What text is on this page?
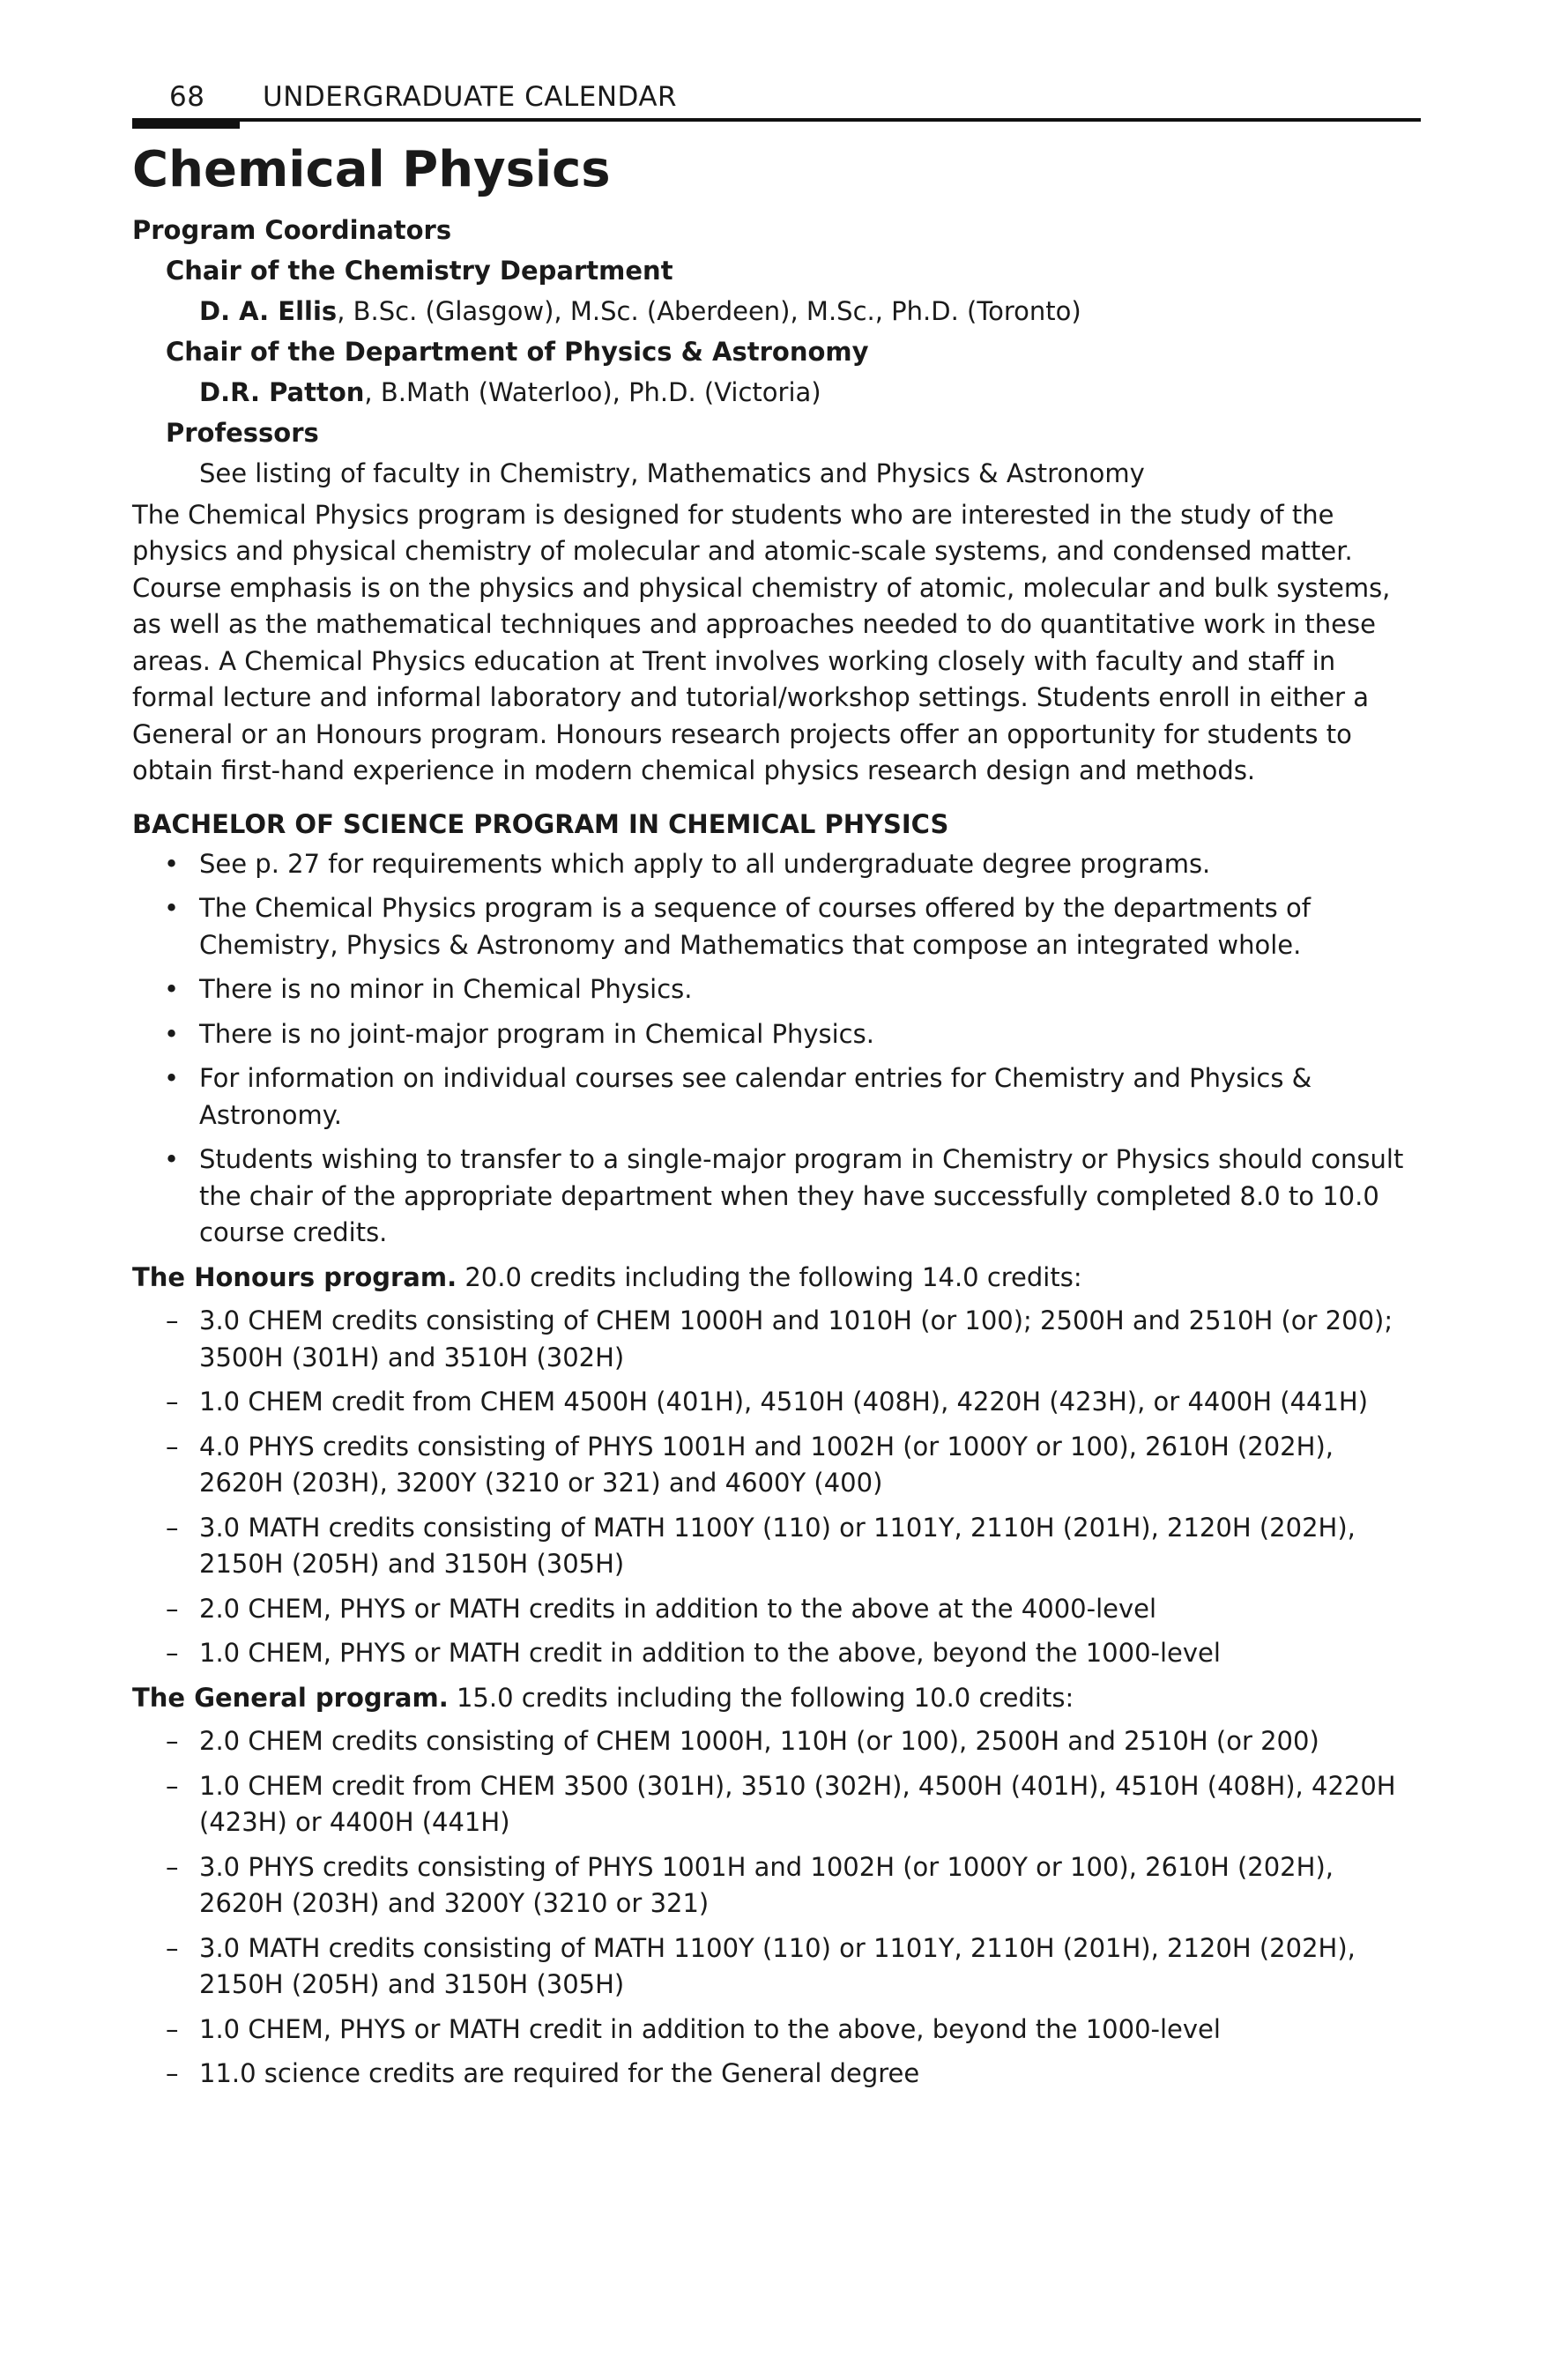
68 UNDERGRADUATE CALENDAR
Chemical Physics
Program Coordinators
Chair of the Chemistry Department
D. A. Ellis, B.Sc. (Glasgow), M.Sc. (Aberdeen), M.Sc., Ph.D. (Toronto)
Chair of the Department of Physics & Astronomy
D.R. Patton, B.Math (Waterloo), Ph.D. (Victoria)
Professors
See listing of faculty in Chemistry, Mathematics and Physics & Astronomy

The Chemical Physics program is designed for students who are interested in the study of the physics and physical chemistry of molecular and atomic-scale systems, and condensed matter. Course emphasis is on the physics and physical chemistry of atomic, molecular and bulk systems, as well as the mathematical techniques and approaches needed to do quantitative work in these areas. A Chemical Physics education at Trent involves working closely with faculty and staff in formal lecture and informal laboratory and tutorial/workshop settings. Students enroll in either a General or an Honours program. Honours research projects offer an opportunity for students to obtain first-hand experience in modern chemical physics research design and methods.

BACHELOR OF SCIENCE PROGRAM IN CHEMICAL PHYSICS
• See p. 27 for requirements which apply to all undergraduate degree programs.
• The Chemical Physics program is a sequence of courses offered by the departments of Chemistry, Physics & Astronomy and Mathematics that compose an integrated whole.
• There is no minor in Chemical Physics.
• There is no joint-major program in Chemical Physics.
• For information on individual courses see calendar entries for Chemistry and Physics & Astronomy.
• Students wishing to transfer to a single-major program in Chemistry or Physics should consult the chair of the appropriate department when they have successfully completed 8.0 to 10.0 course credits.
The Honours program. 20.0 credits including the following 14.0 credits:
– 3.0 CHEM credits consisting of CHEM 1000H and 1010H (or 100); 2500H and 2510H (or 200); 3500H (301H) and 3510H (302H)
– 1.0 CHEM credit from CHEM 4500H (401H), 4510H (408H), 4220H (423H), or 4400H (441H)
– 4.0 PHYS credits consisting of PHYS 1001H and 1002H (or 1000Y or 100), 2610H (202H), 2620H (203H), 3200Y (3210 or 321) and 4600Y (400)
– 3.0 MATH credits consisting of MATH 1100Y (110) or 1101Y, 2110H (201H), 2120H (202H), 2150H (205H) and 3150H (305H)
– 2.0 CHEM, PHYS or MATH credits in addition to the above at the 4000-level
– 1.0 CHEM, PHYS or MATH credit in addition to the above, beyond the 1000-level
The General program. 15.0 credits including the following 10.0 credits:
– 2.0 CHEM credits consisting of CHEM 1000H, 110H (or 100), 2500H and 2510H (or 200)
– 1.0 CHEM credit from CHEM 3500 (301H), 3510 (302H), 4500H (401H), 4510H (408H), 4220H (423H) or 4400H (441H)
– 3.0 PHYS credits consisting of PHYS 1001H and 1002H (or 1000Y or 100), 2610H (202H), 2620H (203H) and 3200Y (3210 or 321)
– 3.0 MATH credits consisting of MATH 1100Y (110) or 1101Y, 2110H (201H), 2120H (202H), 2150H (205H) and 3150H (305H)
– 1.0 CHEM, PHYS or MATH credit in addition to the above, beyond the 1000-level
– 11.0 science credits are required for the General degree
